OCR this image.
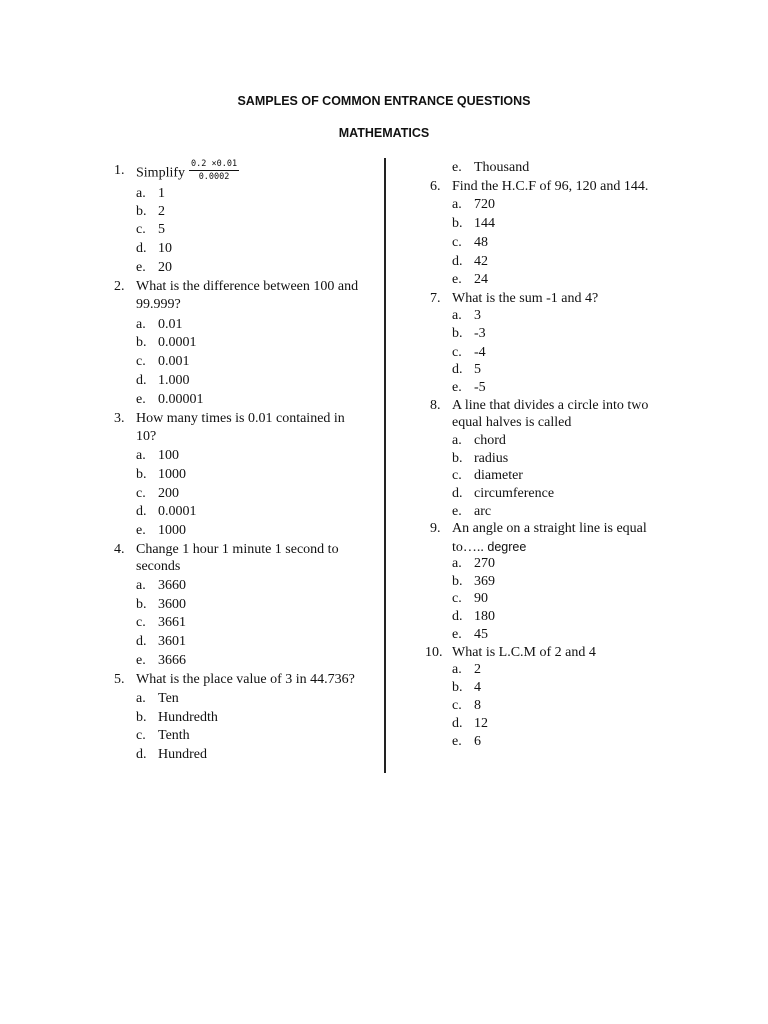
SAMPLES OF COMMON ENTRANCE QUESTIONS
MATHEMATICS
1. Simplify $\frac{0.2 \times 0.01}{0.0002}$
2. What is the difference between 100 and
99.999?
3. How many times is 0.01 contained in
10?
4. Change 1 hour 1 minute 1 second to
seconds
5. What is the place value of 3 in 44.736?
6. Find the H.C.F of 96, 120 and 144.
7. What is the sum -1 and 4?
8. A line that divides a circle into two
equal halves is called
9. An angle on a straight line is equal
to….. degree
10. What is L.C.M of 2 and 4
a. 1
b. 2
c. 5
d. 10
e. 20
a. 0.01
b. 0.0001
c. 0.001
d. 1.000
e. 0.00001
a. 100
b. 1000
c. 200
d. 0.0001
e. 1000
a. 3660
b. 3600
c. 3661
d. 3601
e. 3666
a. Ten
b. Hundredth
c. Tenth
d. Hundred
e. Thousand
a. 720
b. 144
c. 48
d. 42
e. 24
a. 3
b. -3
c. -4
d. 5
e. -5
a. chord
b. radius
c. diameter
d. circumference
e. arc
a. 270
b. 369
c. 90
d. 180
e. 45
a. 2
b. 4
c. 8
d. 12
e. 6
